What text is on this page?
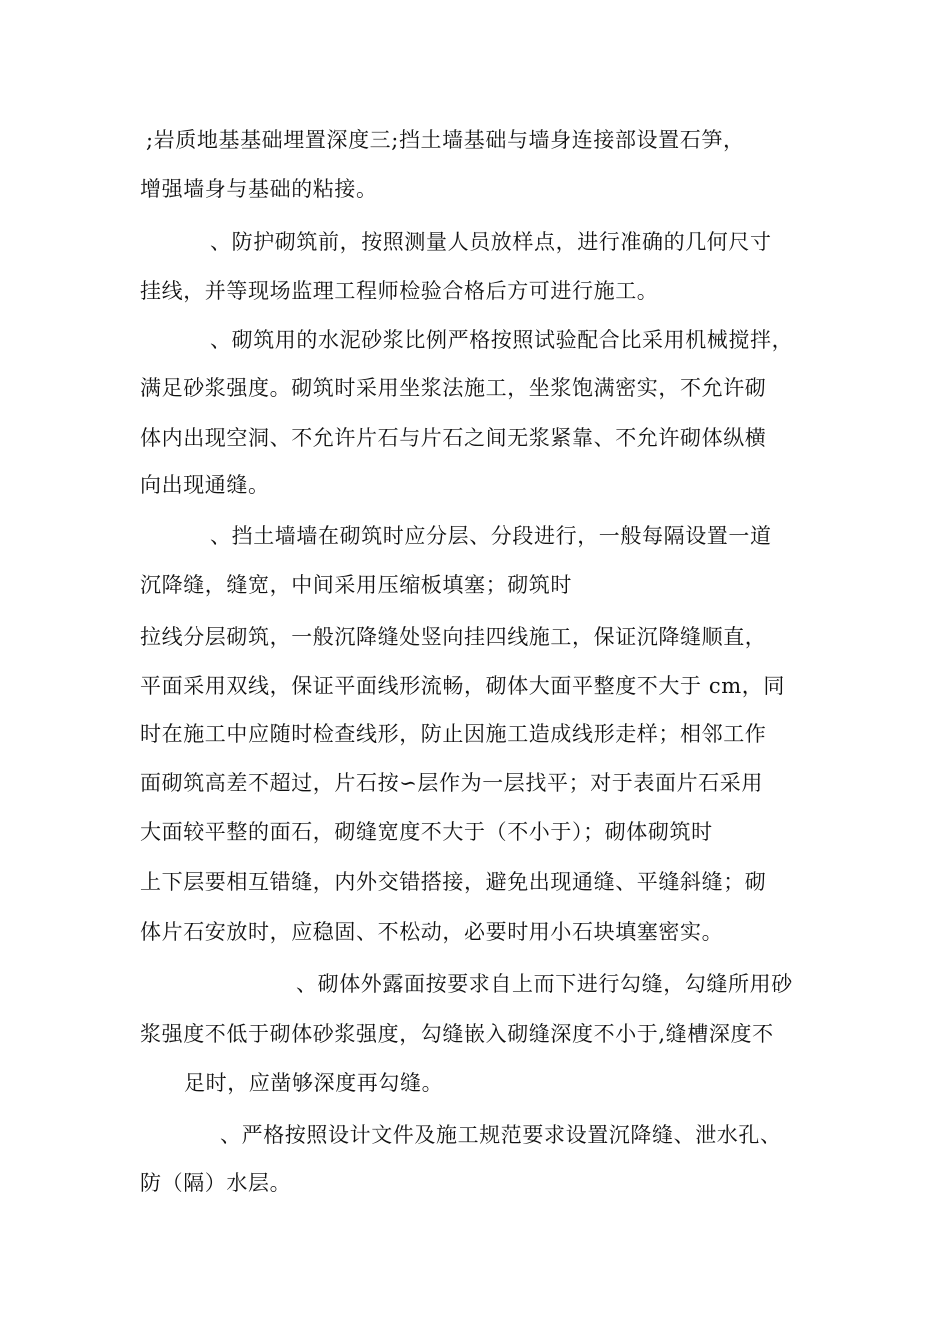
;岩质地基基础埋置深度三;挡土墙基础与墙身连接部设置石笋，
增强墙身与基础的粘接。
、防护砌筑前，按照测量人员放样点，进行准确的几何尺寸
挂线，并等现场监理工程师检验合格后方可进行施工。
、砌筑用的水泥砂浆比例严格按照试验配合比采用机械搅拌，
满足砂浆强度。砌筑时采用坐浆法施工，坐浆饱满密实，不允许砌
体内出现空洞、不允许片石与片石之间无浆紧靠、不允许砌体纵横
向出现通缝。
、挡土墙墙在砌筑时应分层、分段进行，一般每隔设置一道
沉降缝，缝宽，中间采用压缩板填塞；砌筑时
拉线分层砌筑，一般沉降缝处竖向挂四线施工，保证沉降缝顺直，
平面采用双线，保证平面线形流畅，砌体大面平整度不大于 cm，同
时在施工中应随时检查线形，防止因施工造成线形走样；相邻工作
面砌筑高差不超过，片石按∽层作为一层找平；对于表面片石采用
大面较平整的面石，砌缝宽度不大于（不小于）；砌体砌筑时
上下层要相互错缝，内外交错搭接，避免出现通缝、平缝斜缝；砌
体片石安放时，应稳固、不松动，必要时用小石块填塞密实。
、砌体外露面按要求自上而下进行勾缝，勾缝所用砂
浆强度不低于砌体砂浆强度，勾缝嵌入砌缝深度不小于,缝槽深度不
足时，应凿够深度再勾缝。
、严格按照设计文件及施工规范要求设置沉降缝、泄水孔、
防（隔）水层。
